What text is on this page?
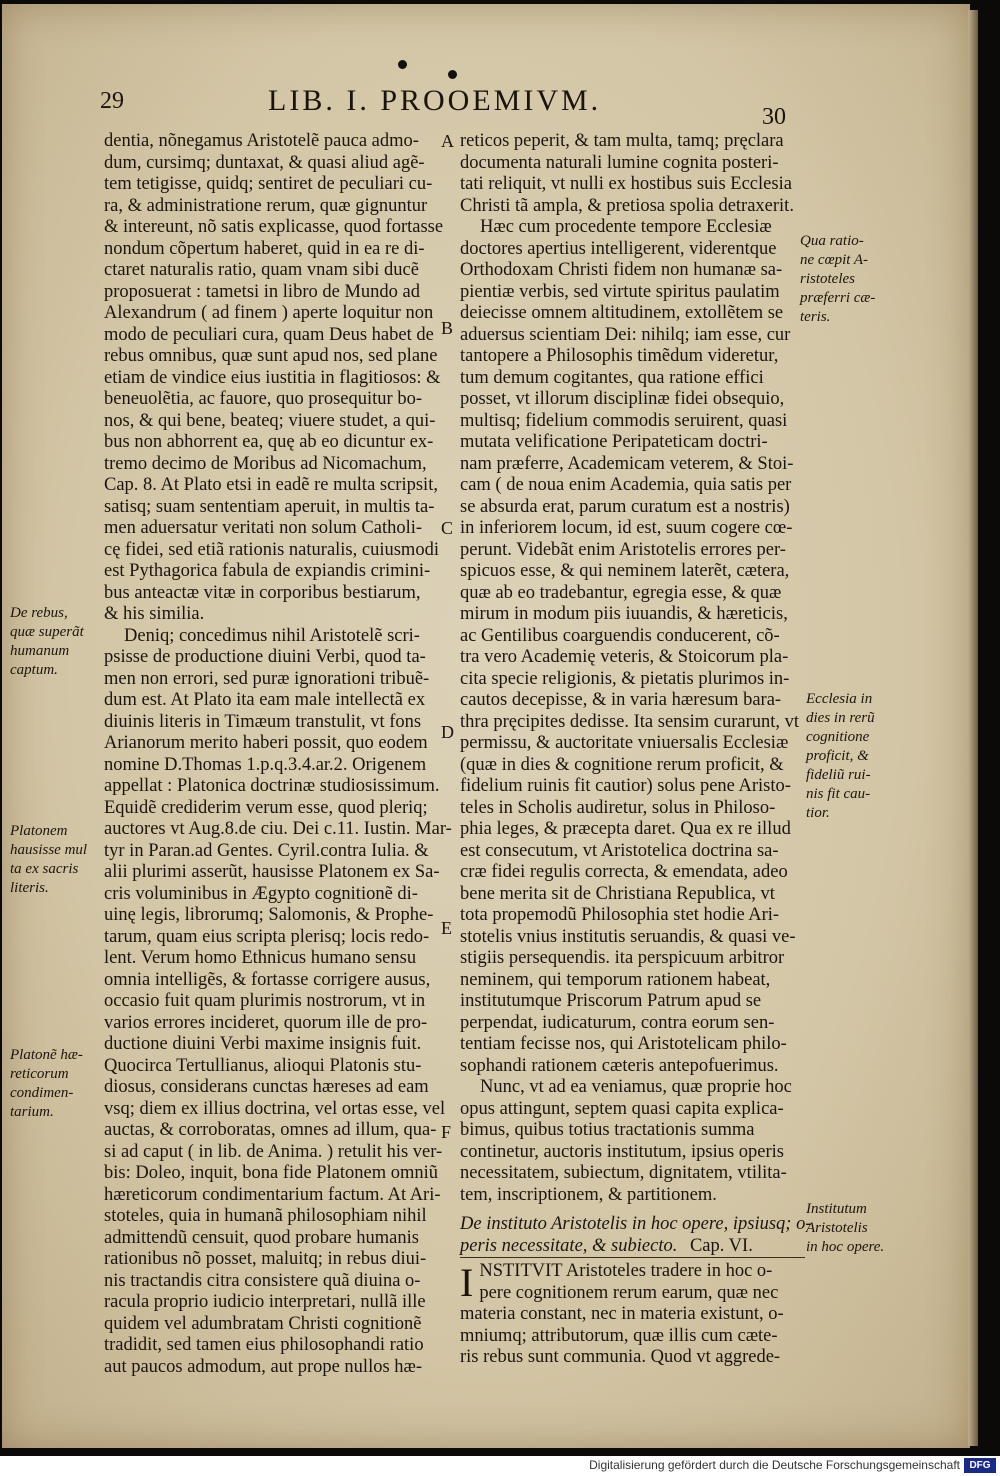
29	LIB. I. PROOEMIVM.	30
dentia, nõnegamus Aristotelẽ pauca admo-
dum, cursimq; duntaxat, & quasi aliud agẽ-
tem tetigisse, quidq; sentiret de peculiari cu-
ra, & administratione rerum, quæ gignuntur
& intereunt, nõ satis explicasse, quod fortasse
nondum cõpertum haberet, quid in ea re di-
ctaret naturalis ratio, quam vnam sibi ducẽ
proposuerat : tametsi in libro de Mundo ad
Alexandrum ( ad finem ) aperte loquitur non
modo de peculiari cura, quam Deus habet de
rebus omnibus, quæ sunt apud nos, sed plane
etiam de vindice eius iustitia in flagitiosos: &
beneuolẽtia, ac fauore, quo prosequitur bo-
nos, & qui bene, beateq; viuere studet, a qui-
bus non abhorrent ea, quę ab eo dicuntur ex-
tremo decimo de Moribus ad Nicomachum,
Cap. 8. At Plato etsi in eadẽ re multa scripsit,
satisq; suam sententiam aperuit, in multis ta-
men aduersatur veritati non solum Catholi-
cę fidei, sed etiã rationis naturalis, cuiusmodi
est Pythagorica fabula de expiandis crimini-
bus anteactæ vitæ in corporibus bestiarum,
& his similia.
Deniq; concedimus nihil Aristotelẽ scri-
psisse de productione diuini Verbi, quod ta-
men non errori, sed puræ ignorationi tribuẽ-
dum est. At Plato ita eam male intellectã ex
diuinis literis in Timæum transtulit, vt fons
Arianorum merito haberi possit, quo eodem
nomine D.Thomas 1.p.q.3.4.ar.2. Origenem
appellat : Platonica doctrinæ studiosissimum.
Equidẽ crediderim verum esse, quod pleriq;
auctores vt Aug.8.de ciu. Dei c.11. Iustin. Mar-
tyr in Paran.ad Gentes. Cyril.contra Iulia. &
alii plurimi asserũt, hausisse Platonem ex Sa-
cris voluminibus in Ægypto cognitionẽ di-
uinę legis, librorumq; Salomonis, & Prophe-
tarum, quam eius scripta plerisq; locis redo-
lent. Verum homo Ethnicus humano sensu
omnia intelligẽs, & fortasse corrigere ausus,
occasio fuit quam plurimis nostrorum, vt in
varios errores incideret, quorum ille de pro-
ductione diuini Verbi maxime insignis fuit.
Quocirca Tertullianus, alioqui Platonis stu-
diosus, considerans cunctas hæreses ad eam
vsq; diem ex illius doctrina, vel ortas esse, vel
auctas, & corroboratas, omnes ad illum, qua-
si ad caput ( in lib. de Anima. ) retulit his ver-
bis: Doleo, inquit, bona fide Platonem omniũ
hæreticorum condimentarium factum. At Ari-
stoteles, quia in humanã philosophiam nihil
admittendũ censuit, quod probare humanis
rationibus nõ posset, maluitq; in rebus diui-
nis tractandis citra consistere quã diuina o-
racula proprio iudicio interpretari, nullã ille
quidem vel adumbratam Christi cognitionẽ
tradidit, sed tamen eius philosophandi ratio
aut paucos admodum, aut prope nullos hæ-
reticos peperit, & tam multa, tamq; pręclara
documenta naturali lumine cognita posteri-
tati reliquit, vt nulli ex hostibus suis Ecclesia
Christi tã ampla, & pretiosa spolia detraxerit.
Hæc cum procedente tempore Ecclesiæ
doctores apertius intelligerent, viderentque
Orthodoxam Christi fidem non humanæ sa-
pientiæ verbis, sed virtute spiritus paulatim
deiecisse omnem altitudinem, extollẽtem se
aduersus scientiam Dei: nihilq; iam esse, cur
tantopere a Philosophis timẽdum videretur,
tum demum cogitantes, qua ratione effici
posset, vt illorum disciplinæ fidei obsequio,
multisq; fidelium commodis seruirent, quasi
mutata velificatione Peripateticam doctri-
nam præferre, Academicam veterem, & Stoi-
cam ( de noua enim Academia, quia satis per
se absurda erat, parum curatum est a nostris)
in inferiorem locum, id est, suum cogere cœ-
perunt. Videbãt enim Aristotelis errores per-
spicuos esse, & qui neminem laterẽt, cætera,
quæ ab eo tradebantur, egregia esse, & quæ
mirum in modum piis iuuandis, & hæreticis,
ac Gentilibus coarguendis conducerent, cõ-
tra vero Academię veteris, & Stoicorum pla-
cita specie religionis, & pietatis plurimos in-
cautos decepisse, & in varia hæresum bara-
thra pręcipites dedisse. Ita sensim curarunt, vt
permissu, & auctoritate vniuersalis Ecclesiæ
(quæ in dies & cognitione rerum proficit, &
fidelium ruinis fit cautior) solus pene Aristo-
teles in Scholis audiretur, solus in Philoso-
phia leges, & præcepta daret. Qua ex re illud
est consecutum, vt Aristotelica doctrina sa-
cræ fidei regulis correcta, & emendata, adeo
bene merita sit de Christiana Republica, vt
tota propemodũ Philosophia stet hodie Ari-
stotelis vnius institutis seruandis, & quasi ve-
stigiis persequendis. ita perspicuum arbitror
neminem, qui temporum rationem habeat,
institutumque Priscorum Patrum apud se
perpendat, iudicaturum, contra eorum sen-
tentiam fecisse nos, qui Aristotelicam philo-
sophandi rationem cæteris antepofuerimus.
Nunc, vt ad ea veniamus, quæ proprie hoc
opus attingunt, septem quasi capita explica-
bimus, quibus totius tractationis summa
continetur, auctoris institutum, ipsius operis
necessitatem, subiectum, dignitatem, vtilita-
tem, inscriptionem, & partitionem.
De instituto Aristotelis in hoc opere, ipsiusq; o-
peris necessitate, & subiecto. Cap. VI.
I NSTITVIT Aristoteles tradere in hoc o-
pere cognitionem rerum earum, quæ nec
materia constant, nec in materia existunt, o-
mniumq; attributorum, quæ illis cum cæte-
ris rebus sunt communia. Quod vt aggrede-
A
B
C
D
E
F
De rebus,
quæ superãt
humanum
captum.
Platonem
hausisse mul
ta ex sacris
literis.
Platonẽ hæ-
reticorum
condimen-
tarium.
Qua ratio-
ne cœpit A-
ristoteles
præferri cæ-
teris.
Ecclesia in
dies in rerũ
cognitione
proficit, &
fideliũ rui-
nis fit cau-
tior.
Institutum
Aristotelis
in hoc opere.
Digitalisierung gefördert durch die Deutsche Forschungsgemeinschaft DFG
